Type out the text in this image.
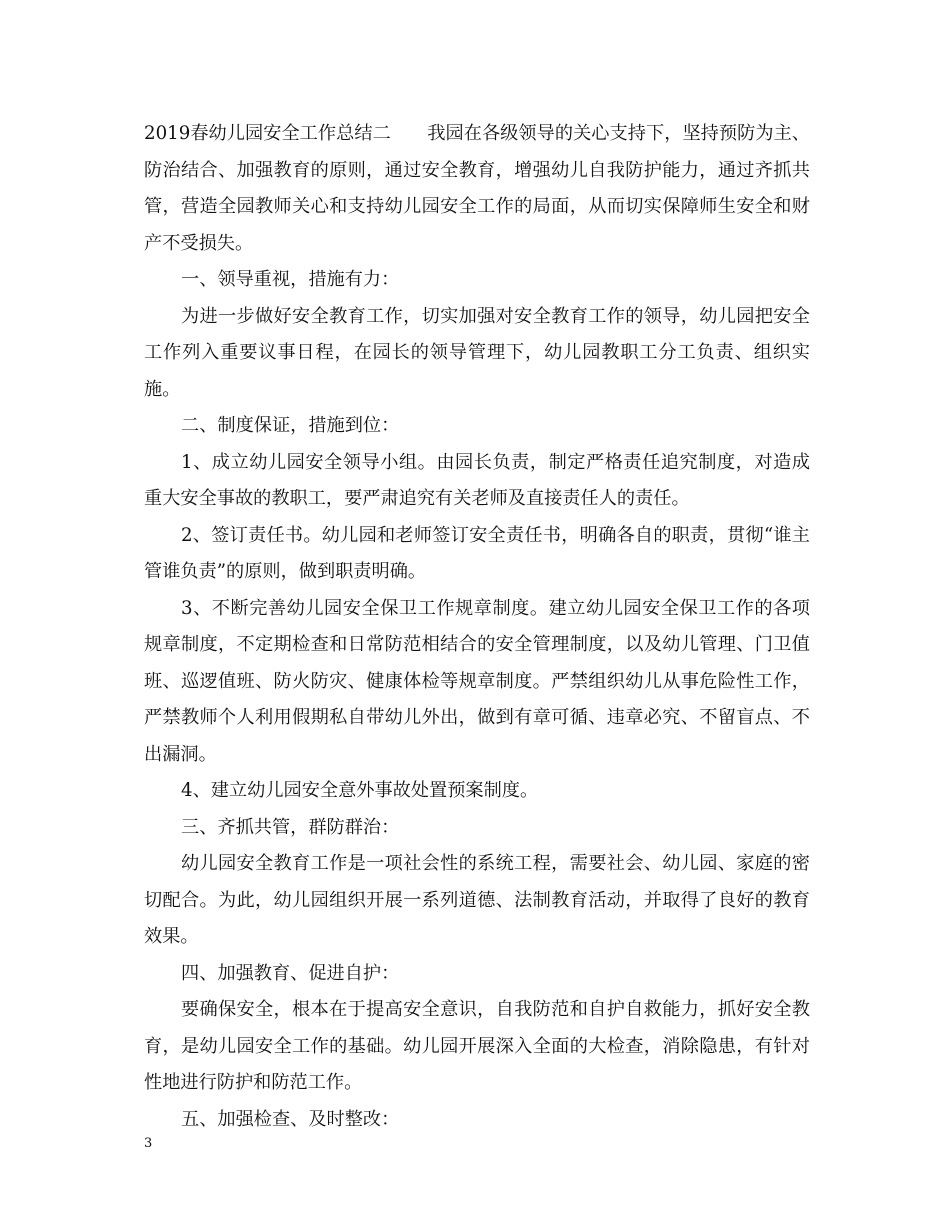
2019春幼儿园安全工作总结二　　我园在各级领导的关心支持下，坚持预防为主、防治结合、加强教育的原则，通过安全教育，增强幼儿自我防护能力，通过齐抓共管，营造全园教师关心和支持幼儿园安全工作的局面，从而切实保障师生安全和财产不受损失。

一、领导重视，措施有力：

为进一步做好安全教育工作，切实加强对安全教育工作的领导，幼儿园把安全工作列入重要议事日程，在园长的领导管理下，幼儿园教职工分工负责、组织实施。

二、制度保证，措施到位：

1、成立幼儿园安全领导小组。由园长负责，制定严格责任追究制度，对造成重大安全事故的教职工，要严肃追究有关老师及直接责任人的责任。

2、签订责任书。幼儿园和老师签订安全责任书，明确各自的职责，贯彻“谁主管谁负责”的原则，做到职责明确。

3、不断完善幼儿园安全保卫工作规章制度。建立幼儿园安全保卫工作的各项规章制度，不定期检查和日常防范相结合的安全管理制度，以及幼儿管理、门卫值班、巡逻值班、防火防灾、健康体检等规章制度。严禁组织幼儿从事危险性工作，严禁教师个人利用假期私自带幼儿外出，做到有章可循、违章必究、不留盲点、不出漏洞。

4、建立幼儿园安全意外事故处置预案制度。

三、齐抓共管，群防群治：

幼儿园安全教育工作是一项社会性的系统工程，需要社会、幼儿园、家庭的密切配合。为此，幼儿园组织开展一系列道德、法制教育活动，并取得了良好的教育效果。

四、加强教育、促进自护：

要确保安全，根本在于提高安全意识，自我防范和自护自救能力，抓好安全教育，是幼儿园安全工作的基础。幼儿园开展深入全面的大检查，消除隐患，有针对性地进行防护和防范工作。

五、加强检查、及时整改：

3
